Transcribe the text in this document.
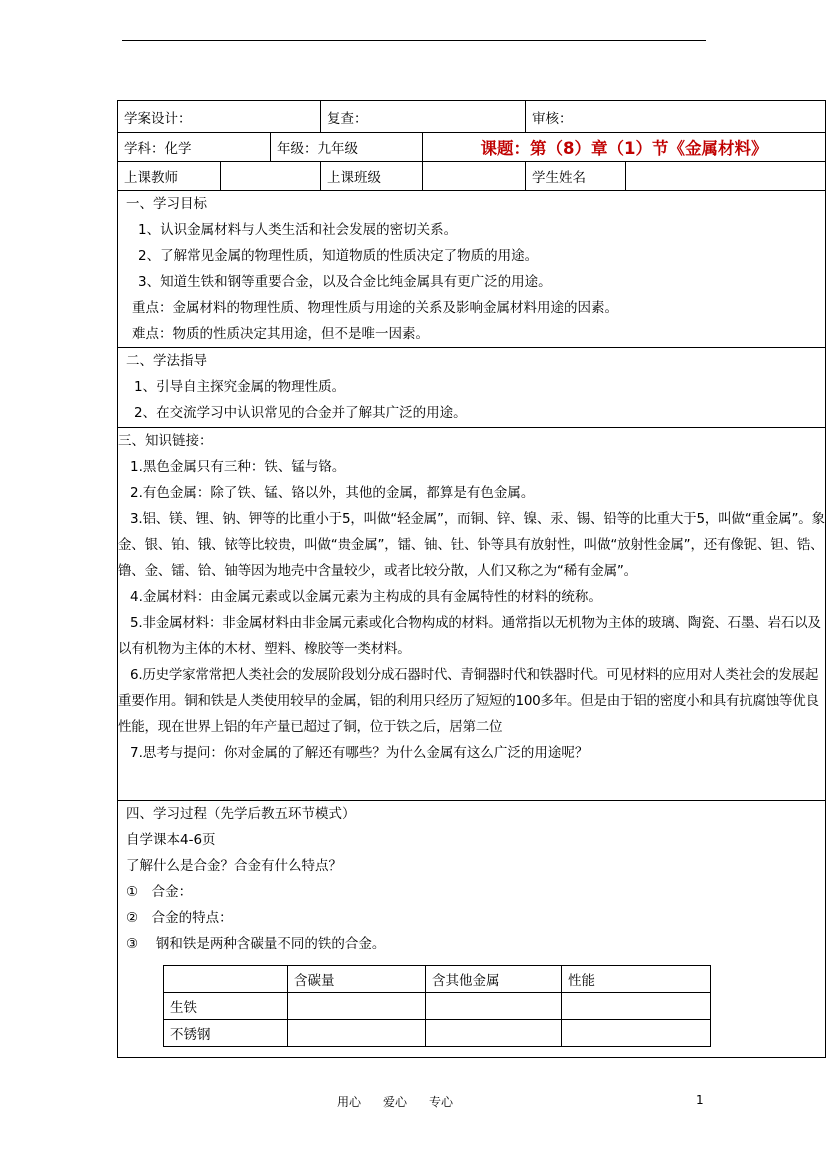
学案设计：	复查：	审核：
学科：化学	年级：九年级	课题：第（8）章（1）节《金属材料》
上课教师		上课班级		学生姓名	

一、学习目标

1、认识金属材料与人类生活和社会发展的密切关系。

2、了解常见金属的物理性质，知道物质的性质决定了物质的用途。

3、知道生铁和钢等重要合金，以及合金比纯金属具有更广泛的用途。

重点：金属材料的物理性质、物理性质与用途的关系及影响金属材料用途的因素。

难点：物质的性质决定其用途，但不是唯一因素。

二、学法指导

1、引导自主探究金属的物理性质。

2、在交流学习中认识常见的合金并了解其广泛的用途。

三、知识链接：

1.黑色金属只有三种：铁、锰与铬。

2.有色金属：除了铁、锰、铬以外，其他的金属，都算是有色金属。

3.铝、镁、锂、钠、钾等的比重小于5，叫做“轻金属”，而铜、锌、镍、汞、锡、铅等的比重大于5，叫做“重金属”。象金、银、铂、锇、铱等比较贵，叫做“贵金属”，镭、铀、钍、钋等具有放射性，叫做“放射性金属”，还有像铌、钽、锆、镥、金、镭、铪、铀等因为地壳中含量较少，或者比较分散，人们又称之为“稀有金属”。

4.金属材料：由金属元素或以金属元素为主构成的具有金属特性的材料的统称。

5.非金属材料：非金属材料由非金属元素或化合物构成的材料。通常指以无机物为主体的玻璃、陶瓷、石墨、岩石以及以有机物为主体的木材、塑料、橡胶等一类材料。

6.历史学家常常把人类社会的发展阶段划分成石器时代、青铜器时代和铁器时代。可见材料的应用对人类社会的发展起重要作用。铜和铁是人类使用较早的金属，铝的利用只经历了短短的100多年。但是由于铝的密度小和具有抗腐蚀等优良性能，现在世界上铝的年产量已超过了铜，位于铁之后，居第二位

7.思考与提问：你对金属的了解还有哪些？为什么金属有这么广泛的用途呢？

四、学习过程（先学后教五环节模式）

自学课本4-6页

了解什么是合金？合金有什么特点？

①　合金：

②　合金的特点：

③　 钢和铁是两种含碳量不同的铁的合金。

	含碳量	含其他金属	性能
生铁			
不锈钢			
用心 爱心 专心	1
